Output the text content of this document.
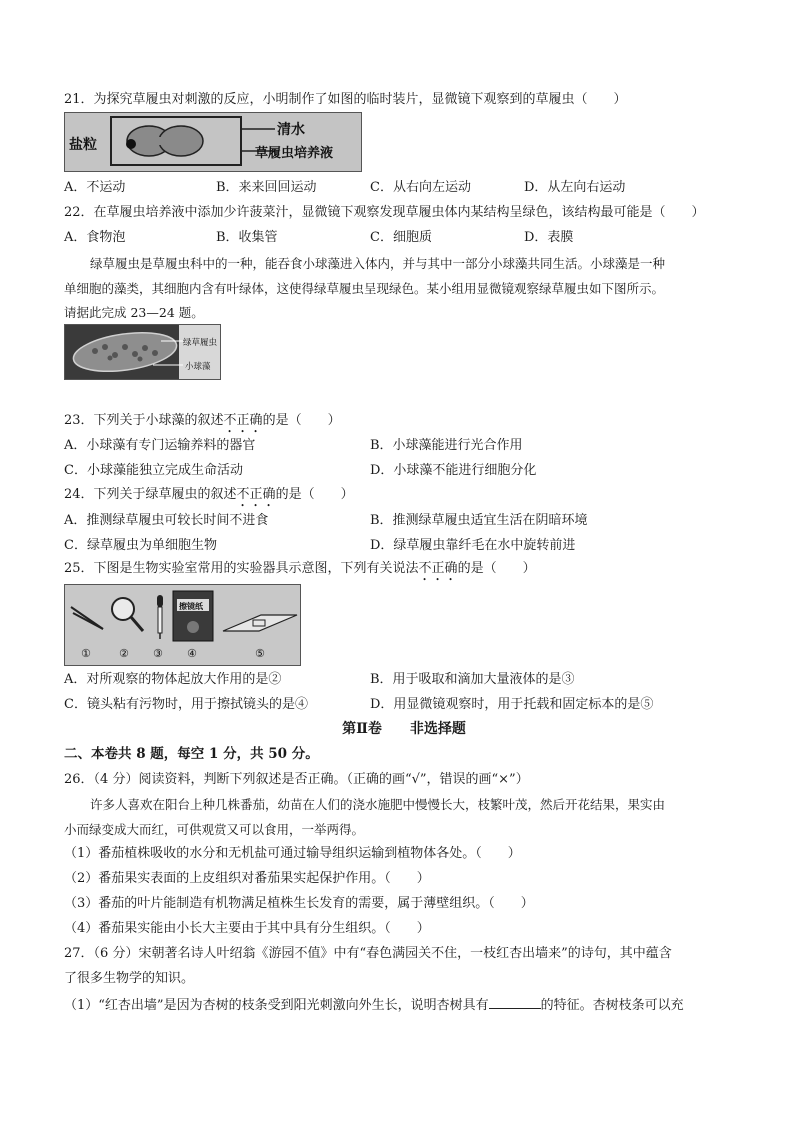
21．为探究草履虫对刺激的反应，小明制作了如图的临时装片，显微镜下观察到的草履虫（　　）
盐粒
清水
草履虫培养液
A．不运动	B．来来回回运动	C．从右向左运动	D．从左向右运动
22．在草履虫培养液中添加少许菠菜汁，显微镜下观察发现草履虫体内某结构呈绿色，该结构最可能是（　　）
A．食物泡	B．收集管	C．细胞质	D．表膜
绿草履虫是草履虫科中的一种，能吞食小球藻进入体内，并与其中一部分小球藻共同生活。小球藻是一种
单细胞的藻类，其细胞内含有叶绿体，这使得绿草履虫呈现绿色。某小组用显微镜观察绿草履虫如下图所示。
请据此完成 23—24 题。
绿草履虫
小球藻
23．下列关于小球藻的叙述不正确的是（　　）
A．小球藻有专门运输养料的器官	B．小球藻能进行光合作用
C．小球藻能独立完成生命活动	D．小球藻不能进行细胞分化
24．下列关于绿草履虫的叙述不正确的是（　　）
A．推测绿草履虫可较长时间不进食	B．推测绿草履虫适宜生活在阴暗环境
C．绿草履虫为单细胞生物	D．绿草履虫靠纤毛在水中旋转前进
25．下图是生物实验室常用的实验器具示意图，下列有关说法不正确的是（　　）
擦镜纸
①	② ③ ④	⑤
A．对所观察的物体起放大作用的是②	B．用于吸取和滴加大量液体的是③
C．镜头粘有污物时，用于擦拭镜头的是④	D．用显微镜观察时，用于托载和固定标本的是⑤
第Ⅱ卷　　非选择题
二、本卷共 8 题，每空 1 分，共 50 分。
26．（4 分）阅读资料，判断下列叙述是否正确。（正确的画“√”，错误的画“×”）
许多人喜欢在阳台上种几株番茄，幼苗在人们的浇水施肥中慢慢长大，枝繁叶茂，然后开花结果，果实由
小而绿变成大而红，可供观赏又可以食用，一举两得。
（1）番茄植株吸收的水分和无机盐可通过输导组织运输到植物体各处。（　　）
（2）番茄果实表面的上皮组织对番茄果实起保护作用。（　　）
（3）番茄的叶片能制造有机物满足植株生长发育的需要，属于薄壁组织。（　　）
（4）番茄果实能由小长大主要由于其中具有分生组织。（　　）
27．（6 分）宋朝著名诗人叶绍翁《游园不值》中有“春色满园关不住，一枝红杏出墙来”的诗句，其中蕴含
了很多生物学的知识。
（1）“红杏出墙”是因为杏树的枝条受到阳光刺激向外生长，说明杏树具有	的特征。杏树枝条可以充
